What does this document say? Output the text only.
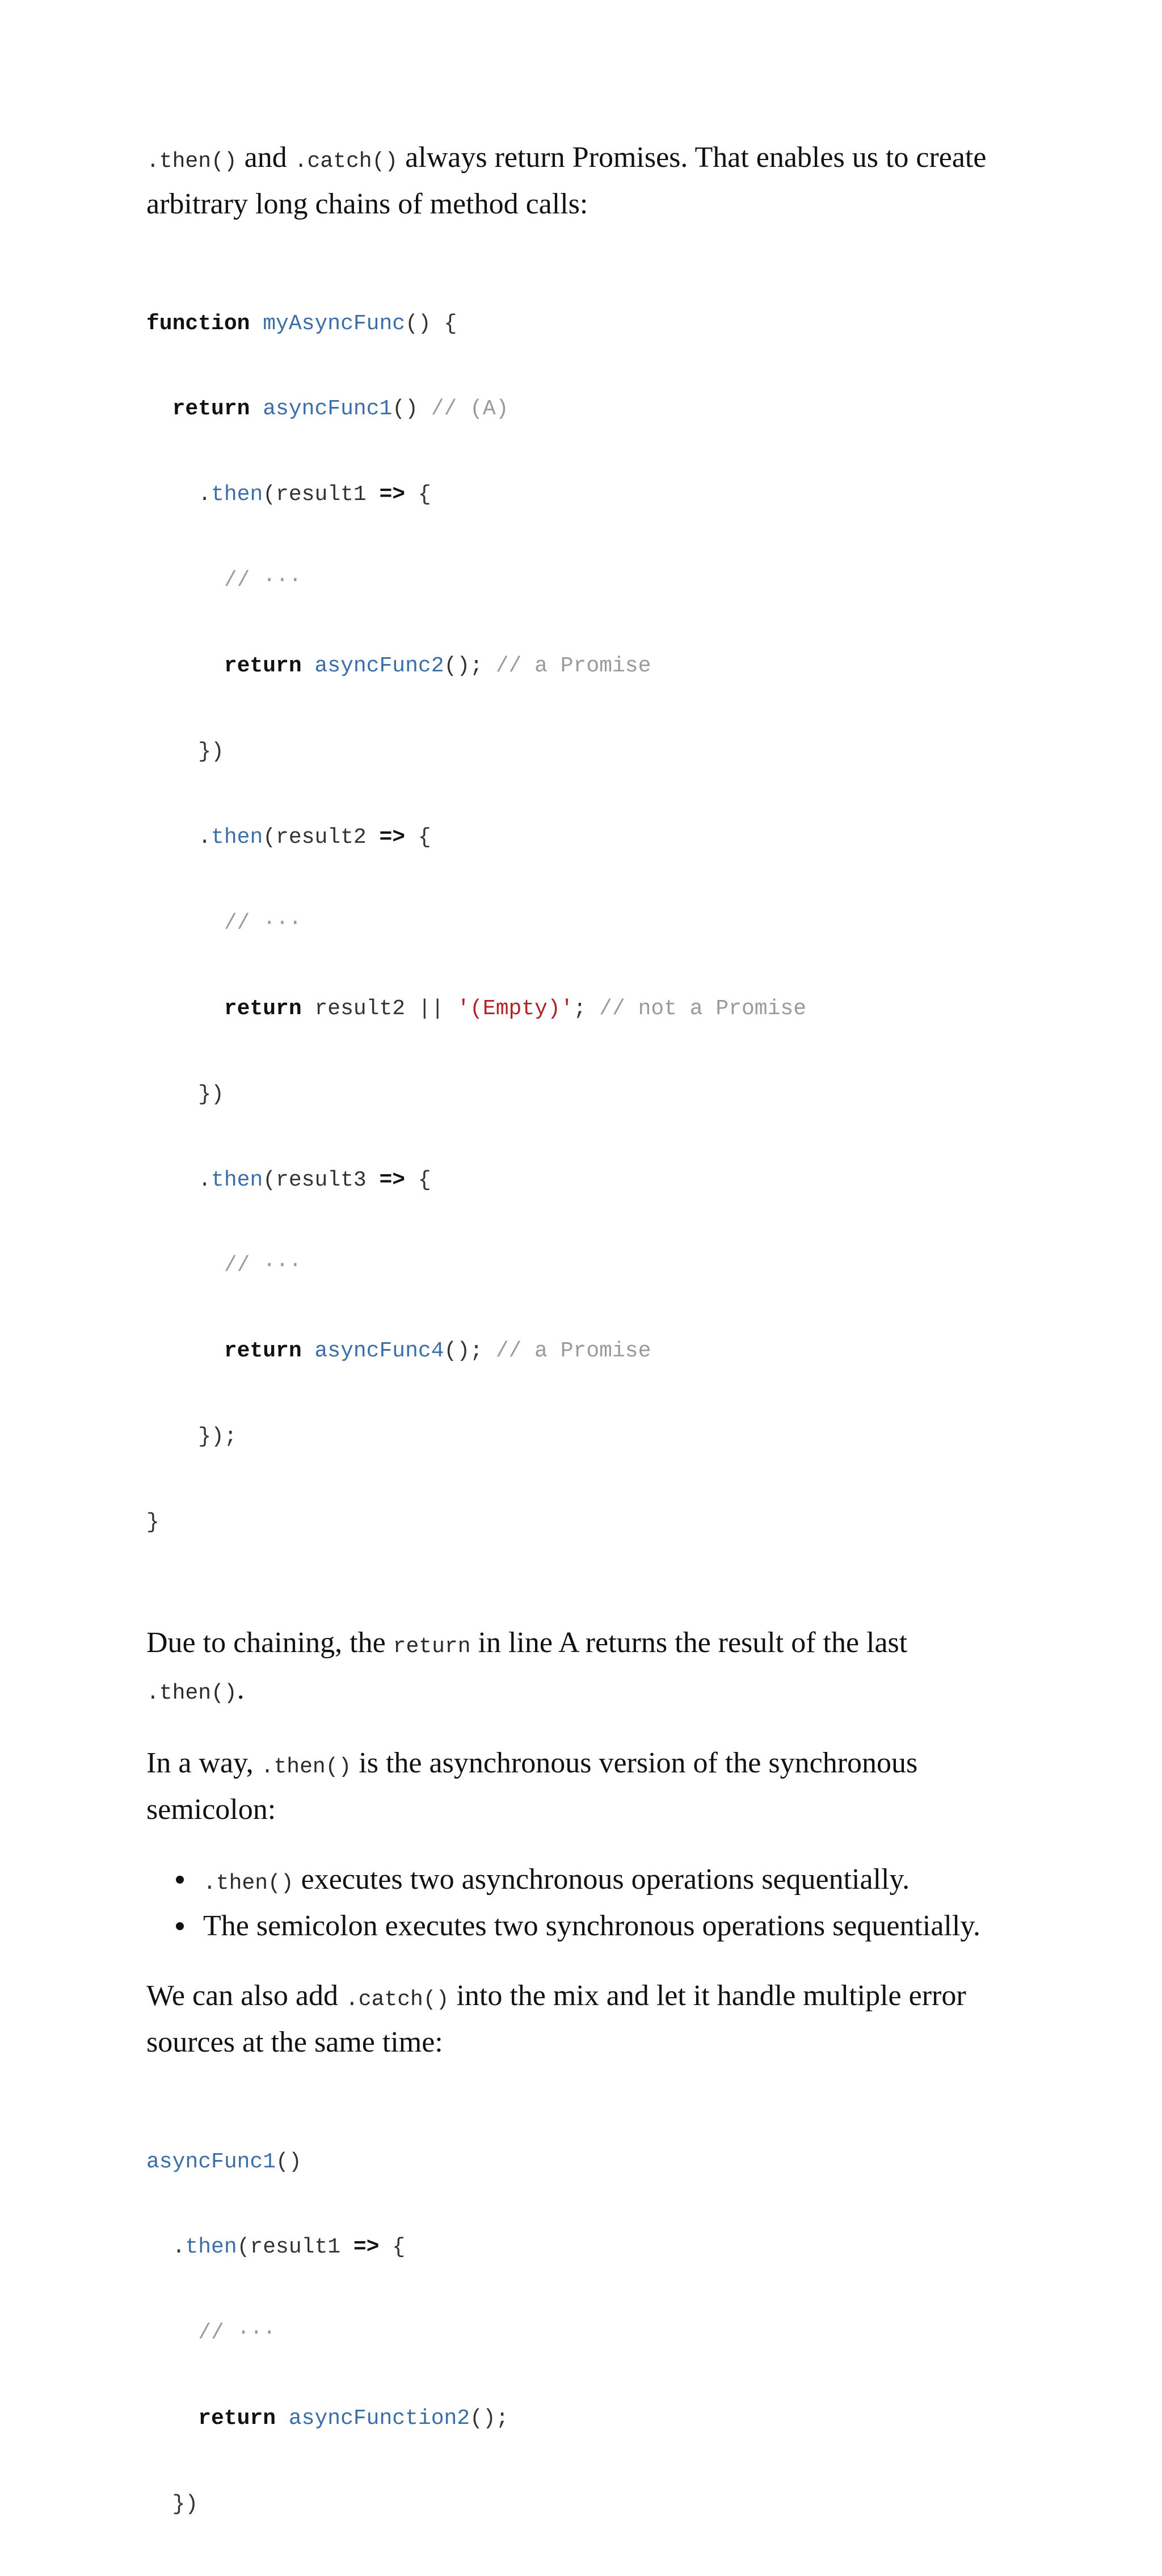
.then() and .catch() always return Promises. That enables us to create arbitrary long chains of method calls:

function myAsyncFunc() {

return asyncFunc1() // (A)

.then(result1 => {

// ···

return asyncFunc2(); // a Promise

})

.then(result2 => {

// ···

return result2 || '(Empty)'; // not a Promise

})

.then(result3 => {

// ···

return asyncFunc4(); // a Promise

});

}

Due to chaining, the return in line A returns the result of the last .then().

In a way, .then() is the asynchronous version of the synchronous semicolon:

.then() executes two asynchronous operations sequentially.
The semicolon executes two synchronous operations sequentially.

We can also add .catch() into the mix and let it handle multiple error sources at the same time:

asyncFunc1()

.then(result1 => {

// ···

return asyncFunction2();

})
